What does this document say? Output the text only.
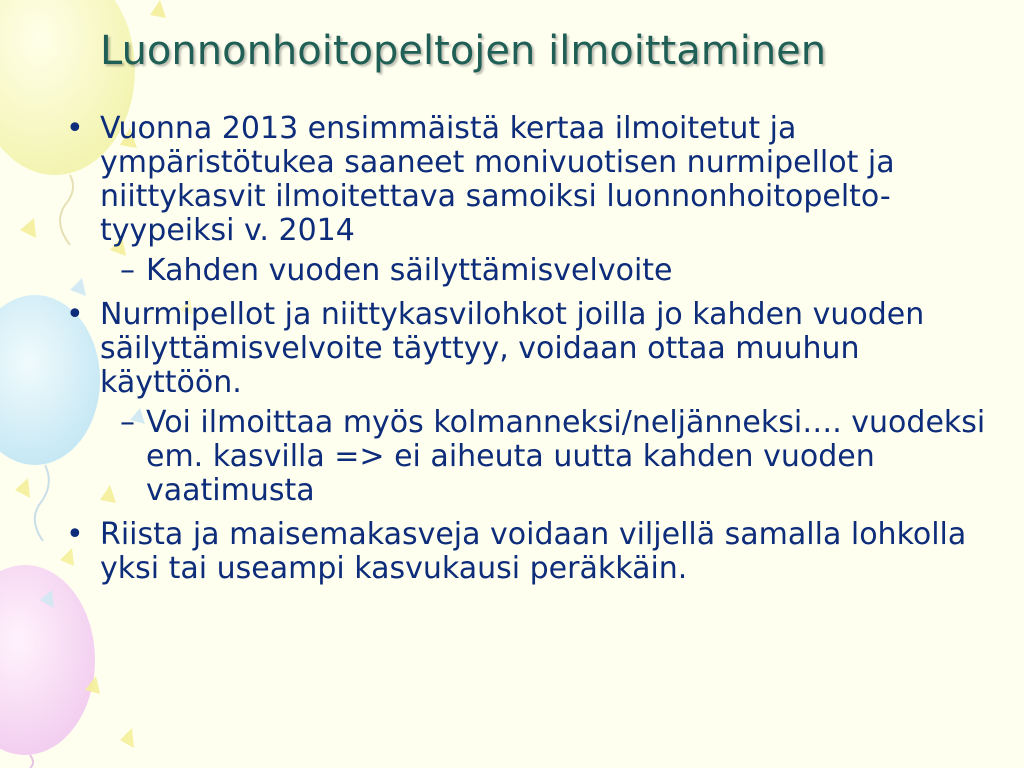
Luonnonhoitopeltojen ilmoittaminen
• Vuonna 2013 ensimmäistä kertaa ilmoitetut ja ympäristötukea saaneet monivuotisen nurmipellot ja niittykasvit ilmoitettava samoiksi luonnonhoitopelto-tyypeiksi v. 2014
– Kahden vuoden säilyttämisvelvoite
• Nurmipellot ja niittykasvilohkot joilla jo kahden vuoden säilyttämisvelvoite täyttyy, voidaan ottaa muuhun käyttöön.
– Voi ilmoittaa myös kolmanneksi/neljänneksi…. vuodeksi em. kasvilla => ei aiheuta uutta kahden vuoden vaatimusta
• Riista ja maisemakasveja voidaan viljellä samalla lohkolla yksi tai useampi kasvukausi peräkkäin.
